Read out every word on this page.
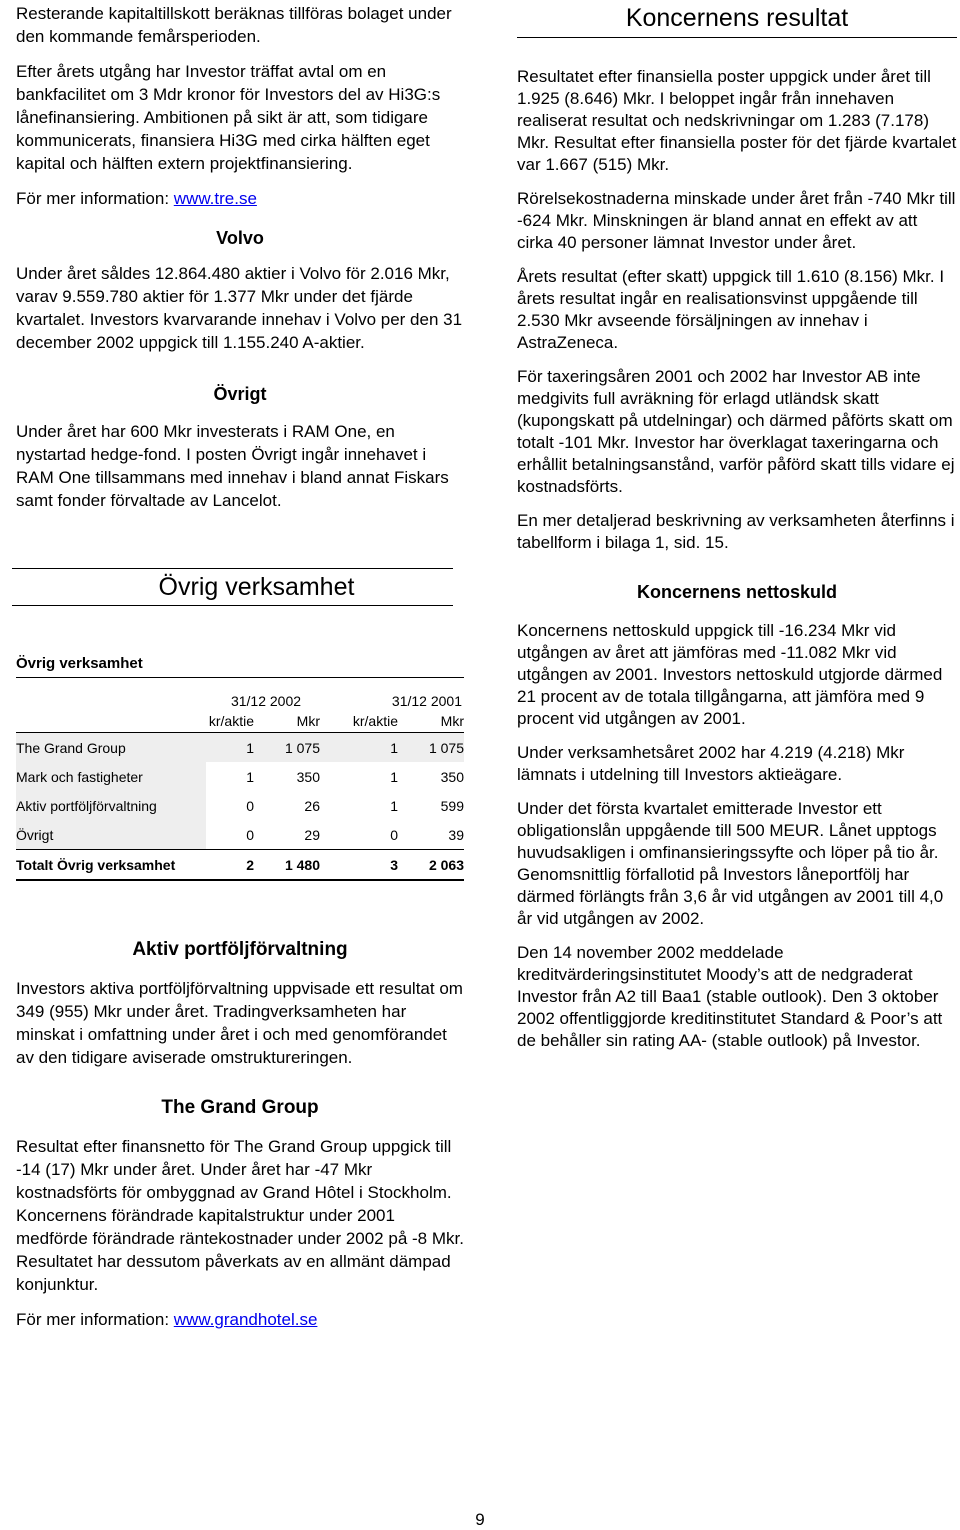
Resterande kapitaltillskott beräknas tillföras bolaget under den kommande femårsperioden.

Efter årets utgång har Investor träffat avtal om en bankfacilitet om 3 Mdr kronor för Investors del av Hi3G:s lånefinansiering. Ambitionen på sikt är att, som tidigare kommunicerats, finansiera Hi3G med cirka hälften eget kapital och hälften extern projektfinansiering.

För mer information: www.tre.se

Volvo

Under året såldes 12.864.480 aktier i Volvo för 2.016 Mkr, varav 9.559.780 aktier för 1.377 Mkr under det fjärde kvartalet. Investors kvarvarande innehav i Volvo per den 31 december 2002 uppgick till 1.155.240 A-aktier.

Övrigt

Under året har 600 Mkr investerats i RAM One, en nystartad hedge-fond. I posten Övrigt ingår innehavet i RAM One tillsammans med innehav i bland annat Fiskars samt fonder förvaltade av Lancelot.

Övrig verksamhet
Övrig verksamhet
	31/12 2002		31/12 2001	
	kr/aktie	Mkr	kr/aktie	Mkr
The Grand Group	1	1 075	1	1 075
Mark och fastigheter	1	350	1	350
Aktiv portföljförvaltning	0	26	1	599
Övrigt	0	29	0	39
Totalt Övrig verksamhet	2	1 480	3	2 063
Aktiv portföljförvaltning

Investors aktiva portföljförvaltning uppvisade ett resultat om 349 (955) Mkr under året. Tradingverksamheten har minskat i omfattning under året i och med genomförandet av den tidigare aviserade omstruktureringen.

The Grand Group

Resultat efter finansnetto för The Grand Group uppgick till -14 (17) Mkr under året. Under året har -47 Mkr kostnadsförts för ombyggnad av Grand Hôtel i Stockholm. Koncernens förändrade kapitalstruktur under 2001 medförde förändrade räntekostnader under 2002 på -8 Mkr. Resultatet har dessutom påverkats av en allmänt dämpad konjunktur.

För mer information: www.grandhotel.se

Koncernens resultat

Resultatet efter finansiella poster uppgick under året till 1.925 (8.646) Mkr. I beloppet ingår från innehaven realiserat resultat och nedskrivningar om 1.283 (7.178) Mkr. Resultat efter finansiella poster för det fjärde kvartalet var 1.667 (515) Mkr.

Rörelsekostnaderna minskade under året från -740 Mkr till -624 Mkr. Minskningen är bland annat en effekt av att cirka 40 personer lämnat Investor under året.

Årets resultat (efter skatt) uppgick till 1.610 (8.156) Mkr. I årets resultat ingår en realisationsvinst uppgående till 2.530 Mkr avseende försäljningen av innehav i AstraZeneca.

För taxeringsåren 2001 och 2002 har Investor AB inte medgivits full avräkning för erlagd utländsk skatt (kupongskatt på utdelningar) och därmed påförts skatt om totalt -101 Mkr. Investor har överklagat taxeringarna och erhållit betalningsanstånd, varför påförd skatt tills vidare ej kostnadsförts.

En mer detaljerad beskrivning av verksamheten återfinns i tabellform i bilaga 1, sid. 15.

Koncernens nettoskuld

Koncernens nettoskuld uppgick till -16.234 Mkr vid utgången av året att jämföras med -11.082 Mkr vid utgången av 2001. Investors nettoskuld utgjorde därmed 21 procent av de totala tillgångarna, att jämföra med 9 procent vid utgången av 2001.

Under verksamhetsåret 2002 har 4.219 (4.218) Mkr lämnats i utdelning till Investors aktieägare.

Under det första kvartalet emitterade Investor ett obligationslån uppgående till 500 MEUR. Lånet upptogs huvudsakligen i omfinansieringssyfte och löper på tio år. Genomsnittlig förfallotid på Investors låneportfölj har därmed förlängts från 3,6 år vid utgången av 2001 till 4,0 år vid utgången av 2002.

Den 14 november 2002 meddelade kreditvärderingsinstitutet Moody’s att de nedgraderat Investor från A2 till Baa1 (stable outlook). Den 3 oktober 2002 offentliggjorde kreditinstitutet Standard & Poor’s att de behåller sin rating AA- (stable outlook) på Investor.

9
